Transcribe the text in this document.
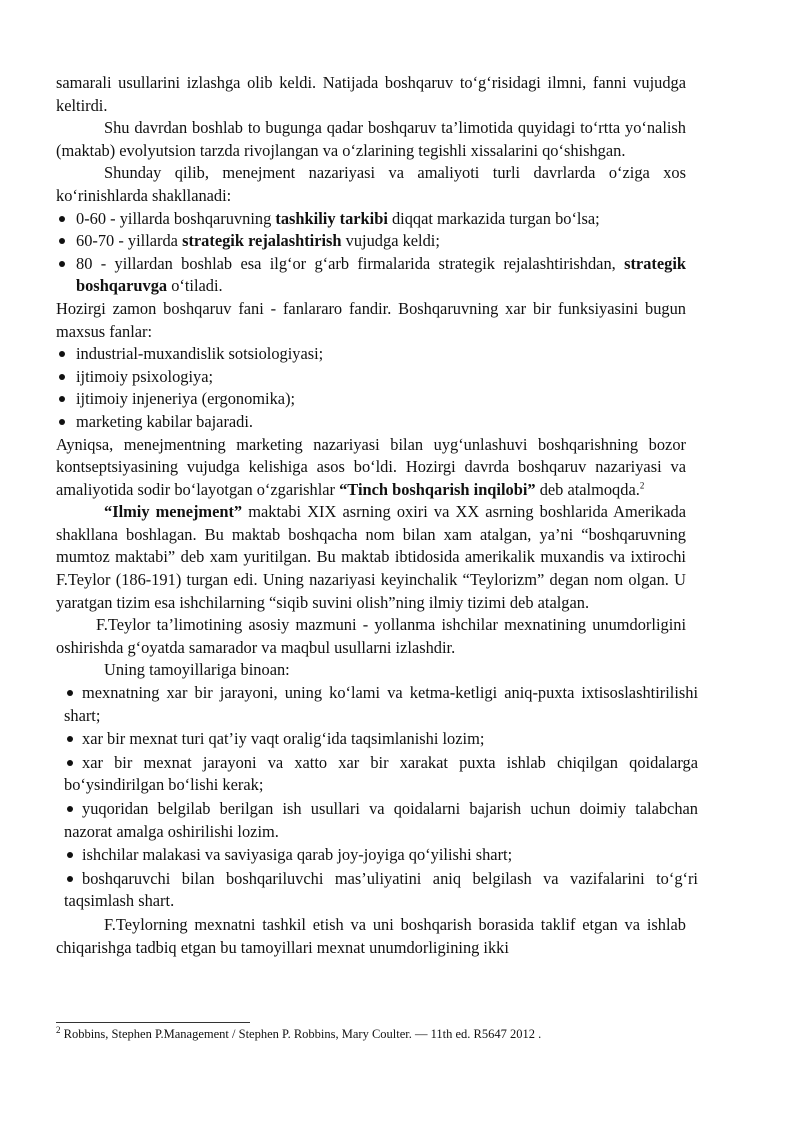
samarali usullarini izlashga olib keldi. Natijada boshqaruv to‘g‘risidagi ilmni, fanni vujudga keltirdi.

Shu davrdan boshlab to bugunga qadar boshqaruv ta’limotida quyidagi to‘rtta yo‘nalish (maktab) evolyutsion tarzda rivojlangan va o‘zlarining tegishli xissalarini qo‘shishgan.

Shunday qilib, menejment nazariyasi va amaliyoti turli davrlarda o‘ziga xos ko‘rinishlarda shakllanadi:

0-60 - yillarda boshqaruvning tashkiliy tarkibi diqqat markazida turgan bo‘lsa;
60-70 - yillarda strategik rejalashtirish vujudga keldi;
80 - yillardan boshlab esa ilg‘or g‘arb firmalarida strategik rejalashtirishdan, strategik boshqaruvga o‘tiladi.

Hozirgi zamon boshqaruv fani - fanlararo fandir. Boshqaruvning xar bir funksiyasini bugun maxsus fanlar:

industrial-muxandislik sotsiologiyasi;
ijtimoiy psixologiya;
ijtimoiy injeneriya (ergonomika);
marketing kabilar bajaradi.

Ayniqsa, menejmentning marketing nazariyasi bilan uyg‘unlashuvi boshqarishning bozor kontseptsiyasining vujudga kelishiga asos bo‘ldi. Hozirgi davrda boshqaruv nazariyasi va amaliyotida sodir bo‘layotgan o‘zgarishlar “Tinch boshqarish inqilobi” deb atalmoqda.$^2$

“Ilmiy menejment” maktabi XIX asrning oxiri va XX asrning boshlarida Amerikada shakllana boshlagan. Bu maktab boshqacha nom bilan xam atalgan, ya’ni “boshqaruvning mumtoz maktabi” deb xam yuritilgan. Bu maktab ibtidosida amerikalik muxandis va ixtirochi F.Teylor (186-191) turgan edi. Uning nazariyasi keyinchalik “Teylorizm” degan nom olgan. U yaratgan tizim esa ishchilarning “siqib suvini olish”ning ilmiy tizimi deb atalgan.

F.Teylor ta’limotining asosiy mazmuni - yollanma ishchilar mexnatining unumdorligini oshirishda g‘oyatda samarador va maqbul usullarni izlashdir.

Uning tamoyillariga binoan:

mexnatning xar bir jarayoni, uning ko‘lami va ketma-ketligi aniq-puxta ixtisoslashtirilishi shart;
xar bir mexnat turi qat’iy vaqt oralig‘ida taqsimlanishi lozim;
xar bir mexnat jarayoni va xatto xar bir xarakat puxta ishlab chiqilgan qoidalarga bo‘ysindirilgan bo‘lishi kerak;
yuqoridan belgilab berilgan ish usullari va qoidalarni bajarish uchun doimiy talabchan nazorat amalga oshirilishi lozim.
ishchilar malakasi va saviyasiga qarab joy-joyiga qo‘yilishi shart;
boshqaruvchi bilan boshqariluvchi mas’uliyatini aniq belgilash va vazifalarini to‘g‘ri taqsimlash shart.

F.Teylorning mexnatni tashkil etish va uni boshqarish borasida taklif etgan va ishlab chiqarishga tadbiq etgan bu tamoyillari mexnat unumdorligining ikki

$^2$ Robbins, Stephen P.Management / Stephen P. Robbins, Mary Coulter. — 11th ed. R5647 2012 .
